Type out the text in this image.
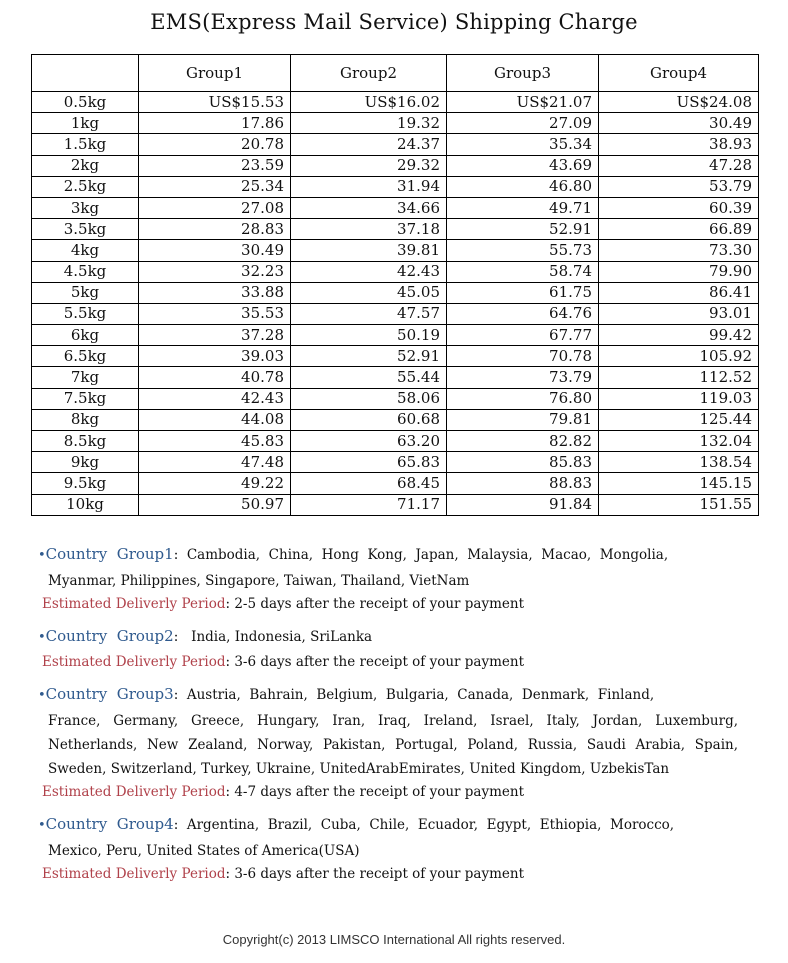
EMS(Express Mail Service) Shipping Charge
	Group1	Group2	Group3	Group4
0.5kg	US$15.53	US$16.02	US$21.07	US$24.08
1kg	17.86	19.32	27.09	30.49
1.5kg	20.78	24.37	35.34	38.93
2kg	23.59	29.32	43.69	47.28
2.5kg	25.34	31.94	46.80	53.79
3kg	27.08	34.66	49.71	60.39
3.5kg	28.83	37.18	52.91	66.89
4kg	30.49	39.81	55.73	73.30
4.5kg	32.23	42.43	58.74	79.90
5kg	33.88	45.05	61.75	86.41
5.5kg	35.53	47.57	64.76	93.01
6kg	37.28	50.19	67.77	99.42
6.5kg	39.03	52.91	70.78	105.92
7kg	40.78	55.44	73.79	112.52
7.5kg	42.43	58.06	76.80	119.03
8kg	44.08	60.68	79.81	125.44
8.5kg	45.83	63.20	82.82	132.04
9kg	47.48	65.83	85.83	138.54
9.5kg	49.22	68.45	88.83	145.15
10kg	50.97	71.17	91.84	151.55
•Country  Group1:  Cambodia,  China,  Hong  Kong,  Japan,  Malaysia,  Macao,  Mongolia,
Myanmar, Philippines, Singapore, Taiwan, Thailand, VietNam
Estimated Deliverly Period: 2-5 days after the receipt of your payment
•Country  Group2:   India, Indonesia, SriLanka
Estimated Deliverly Period: 3-6 days after the receipt of your payment
•Country  Group3:  Austria,  Bahrain,  Belgium,  Bulgaria,  Canada,  Denmark,  Finland,
France, Germany, Greece, Hungary, Iran, Iraq, Ireland, Israel, Italy, Jordan, Luxemburg, Netherlands, New Zealand, Norway, Pakistan, Portugal, Poland, Russia, Saudi Arabia, Spain, Sweden, Switzerland, Turkey, Ukraine, UnitedArabEmirates, United Kingdom, UzbekisTan
Estimated Deliverly Period: 4-7 days after the receipt of your payment
•Country  Group4:  Argentina,  Brazil,  Cuba,  Chile,  Ecuador,  Egypt,  Ethiopia,  Morocco,
Mexico, Peru, United States of America(USA)
Estimated Deliverly Period: 3-6 days after the receipt of your payment
Copyright(c) 2013 LIMSCO International All rights reserved.
